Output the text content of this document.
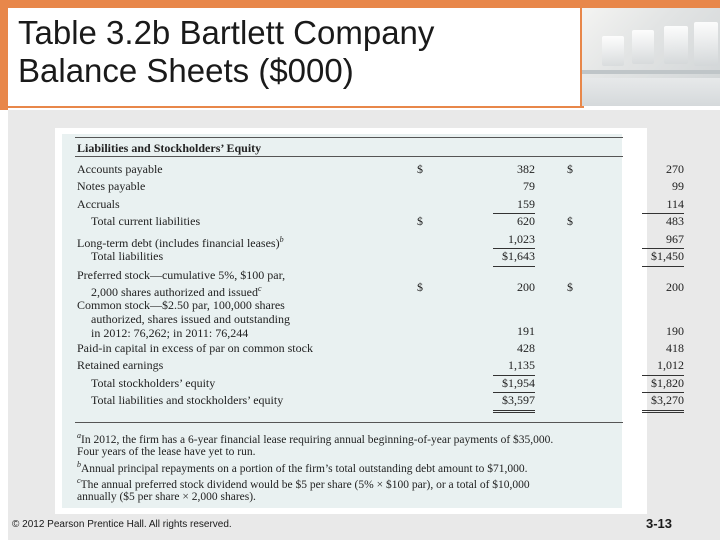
Table 3.2b Bartlett Company
Balance Sheets ($000)
Liabilities and Stockholders’ Equity
Accounts payable	$	382	$	270
Notes payable	79	99
Accruals	159	114
Total current liabilities	$	620	$	483
Long-term debt (includes financial leases)$^b$	1,023	967
Total liabilities	$1,643	$1,450
Preferred stock—cumulative 5%, $100 par,
2,000 shares authorized and issued$^c$	$	200	$	200
Common stock—$2.50 par, 100,000 shares
authorized, shares issued and outstanding
in 2012: 76,262; in 2011: 76,244	191	190
Paid-in capital in excess of par on common stock	428	418
Retained earnings	1,135	1,012
Total stockholders’ equity	$1,954	$1,820
Total liabilities and stockholders’ equity	$3,597	$3,270

$^a$In 2012, the firm has a 6-year financial lease requiring annual beginning-of-year payments of $35,000.

Four years of the lease have yet to run.

$^b$Annual principal repayments on a portion of the firm’s total outstanding debt amount to $71,000.

$^c$The annual preferred stock dividend would be $5 per share (5% × $100 par), or a total of $10,000

annually ($5 per share × 2,000 shares).

© 2012 Pearson Prentice Hall. All rights reserved.	3-13
